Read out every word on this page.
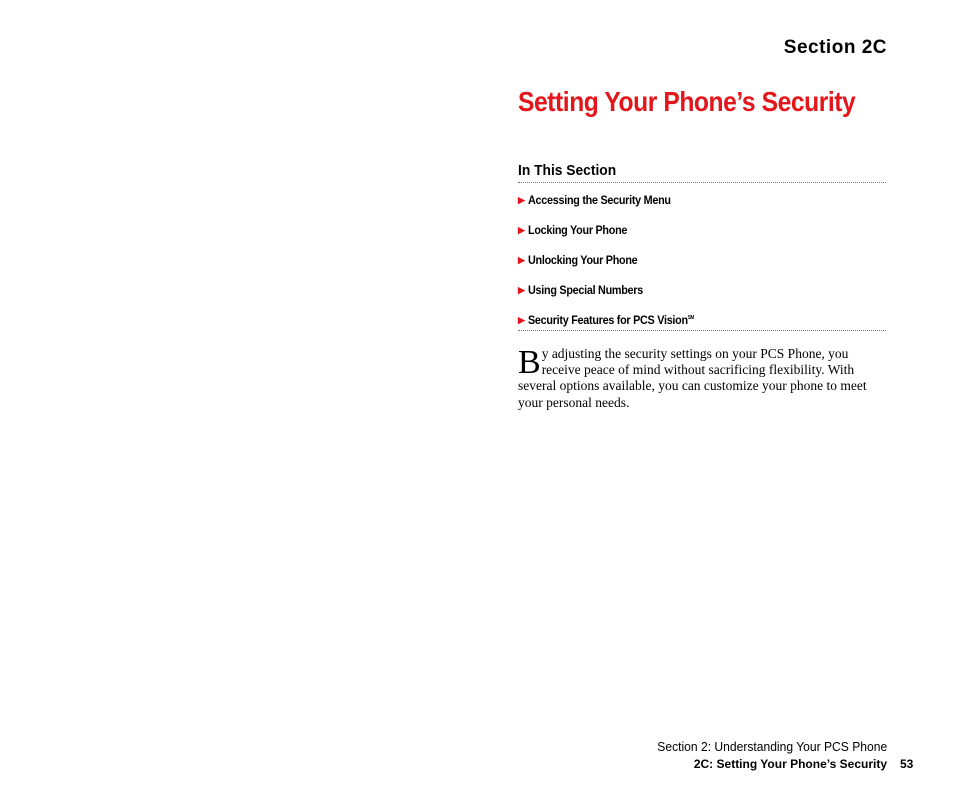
Section 2C
Setting Your Phone’s Security
In This Section
▶ Accessing the Security Menu
▶ Locking Your Phone
▶ Unlocking Your Phone
▶ Using Special Numbers
▶ Security Features for PCS Vision℠

By adjusting the security settings on your PCS Phone, you receive peace of mind without sacrificing flexibility. With several options available, you can customize your phone to meet your personal needs.

Section 2: Understanding Your PCS Phone
2C: Setting Your Phone’s Security 53
